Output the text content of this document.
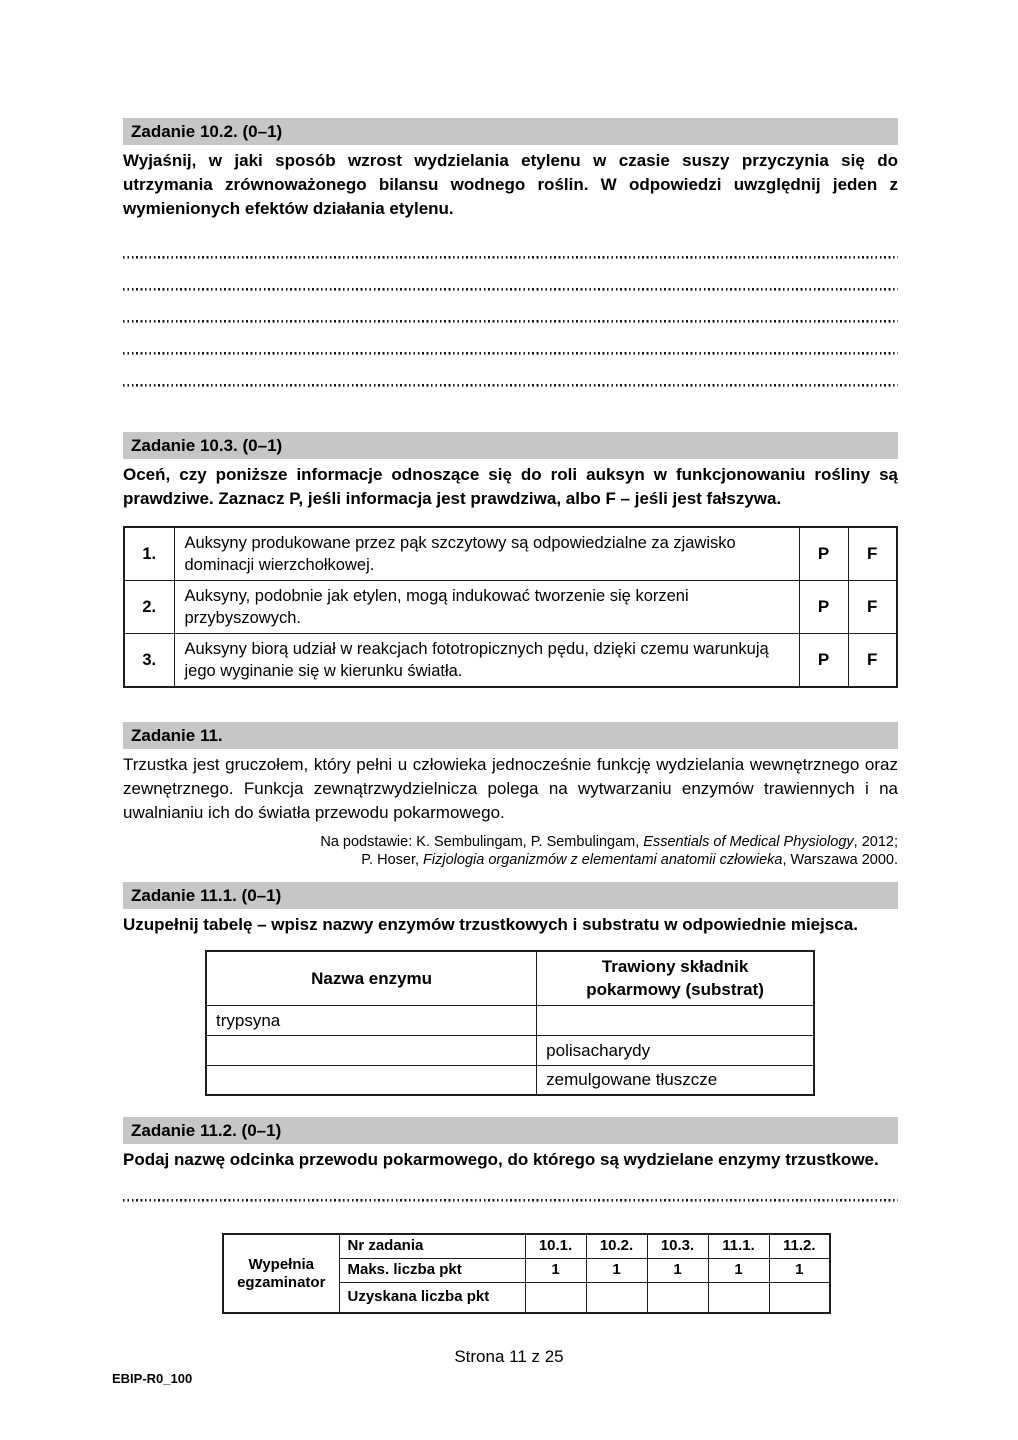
Zadanie 10.2. (0–1)

Wyjaśnij, w jaki sposób wzrost wydzielania etylenu w czasie suszy przyczynia się do utrzymania zrównoważonego bilansu wodnego roślin. W odpowiedzi uwzględnij jeden z wymienionych efektów działania etylenu.

Zadanie 10.3. (0–1)

Oceń, czy poniższe informacje odnoszące się do roli auksyn w funkcjonowaniu rośliny są prawdziwe. Zaznacz P, jeśli informacja jest prawdziwa, albo F – jeśli jest fałszywa.

1.	Auksyny produkowane przez pąk szczytowy są odpowiedzialne za zjawisko dominacji wierzchołkowej.	P	F
2.	Auksyny, podobnie jak etylen, mogą indukować tworzenie się korzeni przybyszowych.	P	F
3.	Auksyny biorą udział w reakcjach fototropicznych pędu, dzięki czemu warunkują jego wyginanie się w kierunku światła.	P	F
Zadanie 11.

Trzustka jest gruczołem, który pełni u człowieka jednocześnie funkcję wydzielania wewnętrznego oraz zewnętrznego. Funkcja zewnątrzwydzielnicza polega na wytwarzaniu enzymów trawiennych i na uwalnianiu ich do światła przewodu pokarmowego.

Na podstawie: K. Sembulingam, P. Sembulingam, Essentials of Medical Physiology, 2012;
P. Hoser, Fizjologia organizmów z elementami anatomii człowieka, Warszawa 2000.
Zadanie 11.1. (0–1)

Uzupełnij tabelę – wpisz nazwy enzymów trzustkowych i substratu w odpowiednie miejsca.

Nazwa enzymu	Trawiony składnik pokarmowy (substrat)
trypsyna	
	polisacharydy
	zemulgowane tłuszcze
Zadanie 11.2. (0–1)

Podaj nazwę odcinka przewodu pokarmowego, do którego są wydzielane enzymy trzustkowe.

Wypełnia egzaminator	Nr zadania	10.1.	10.2.	10.3.	11.1.	11.2.
	Maks. liczba pkt	1	1	1	1	1
	Uzyskana liczba pkt					
Strona 11 z 25
EBIP-R0_100
